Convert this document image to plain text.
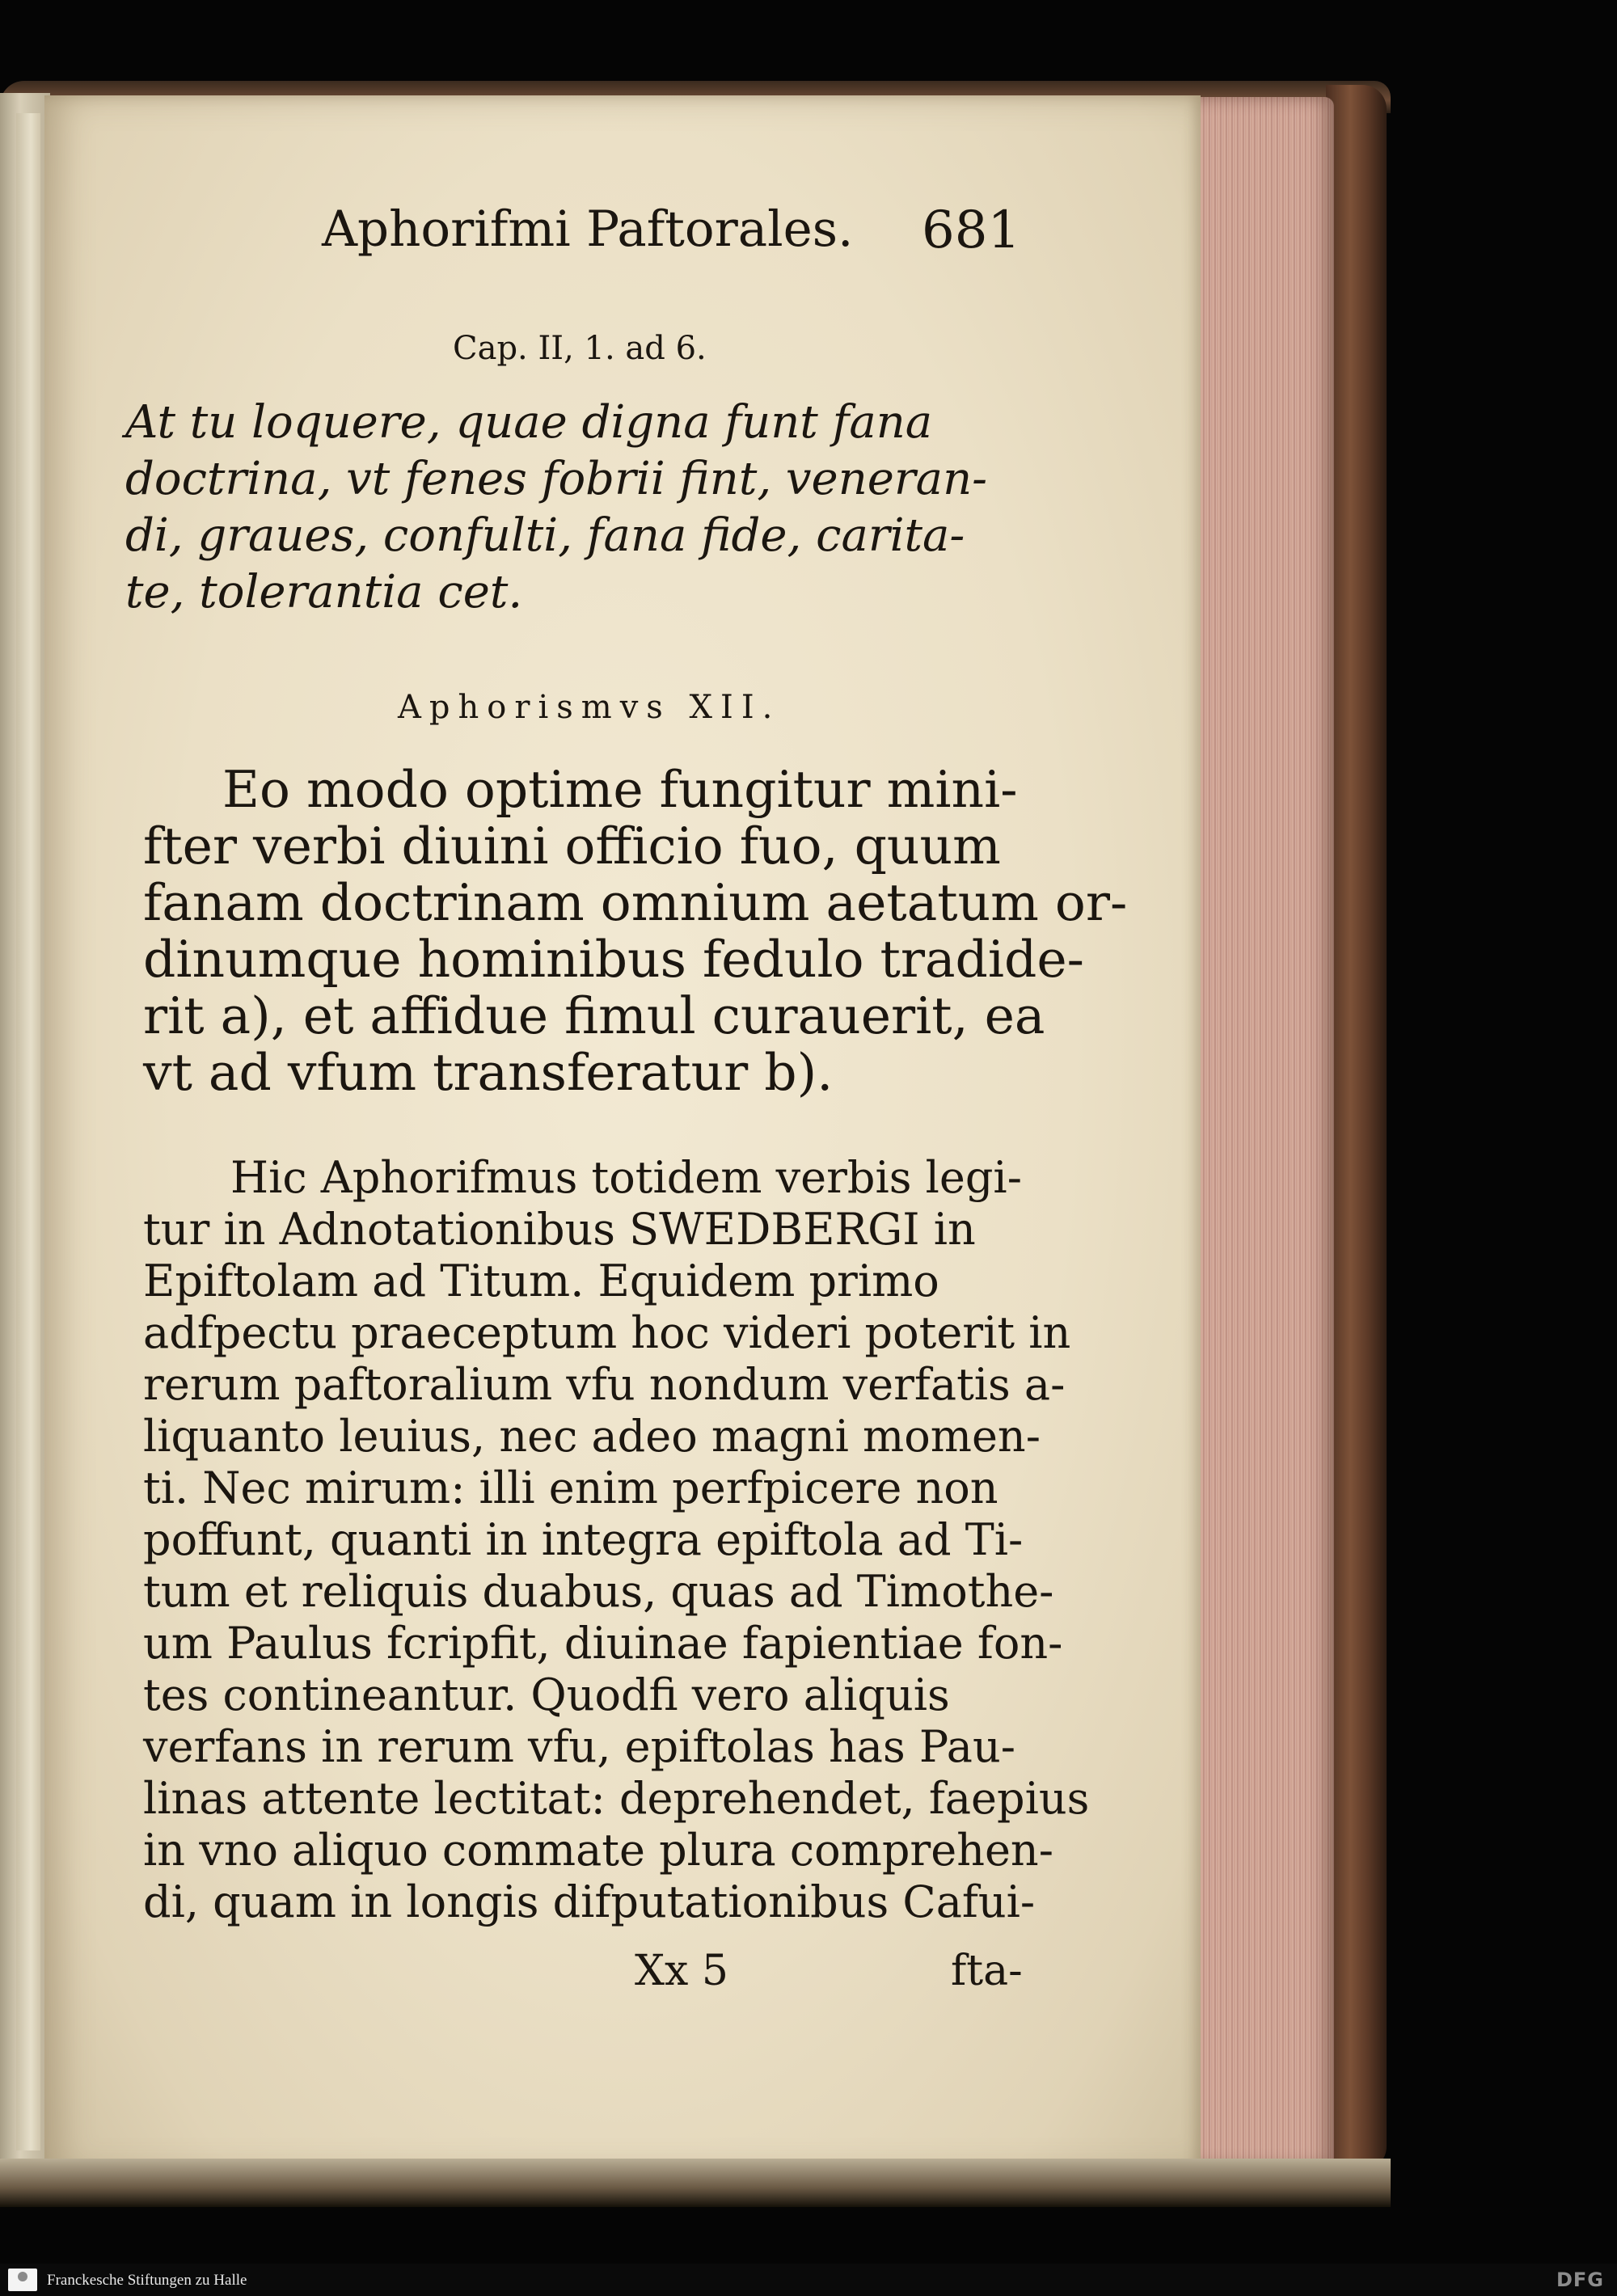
Aphorifmi Paftorales. 681
Cap. II, 1. ad 6.
At tu loquere, quae digna funt fana
doctrina, vt fenes fobrii fint, veneran-
di, graues, confulti, fana fide, carita-
te, tolerantia cet.
Aphorismvs XII.
Eo modo optime fungitur mini-
fter verbi diuini officio fuo, quum
fanam doctrinam omnium aetatum or-
dinumque hominibus fedulo tradide-
rit a), et affidue fimul curauerit, ea
vt ad vfum transferatur b).
Hic Aphorifmus totidem verbis legi-
tur in Adnotationibus SWEDBERGI in
Epiftolam ad Titum. Equidem primo
adfpectu praeceptum hoc videri poterit in
rerum paftoralium vfu nondum verfatis a-
liquanto leuius, nec adeo magni momen-
ti. Nec mirum: illi enim perfpicere non
poffunt, quanti in integra epiftola ad Ti-
tum et reliquis duabus, quas ad Timothe-
um Paulus fcripfit, diuinae fapientiae fon-
tes contineantur. Quodfi vero aliquis
verfans in rerum vfu, epiftolas has Pau-
linas attente lectitat: deprehendet, faepius
in vno aliquo commate plura comprehen-
di, quam in longis difputationibus Cafui-
Xx 5	fta-
Franckesche Stiftungen zu Halle	DFG
